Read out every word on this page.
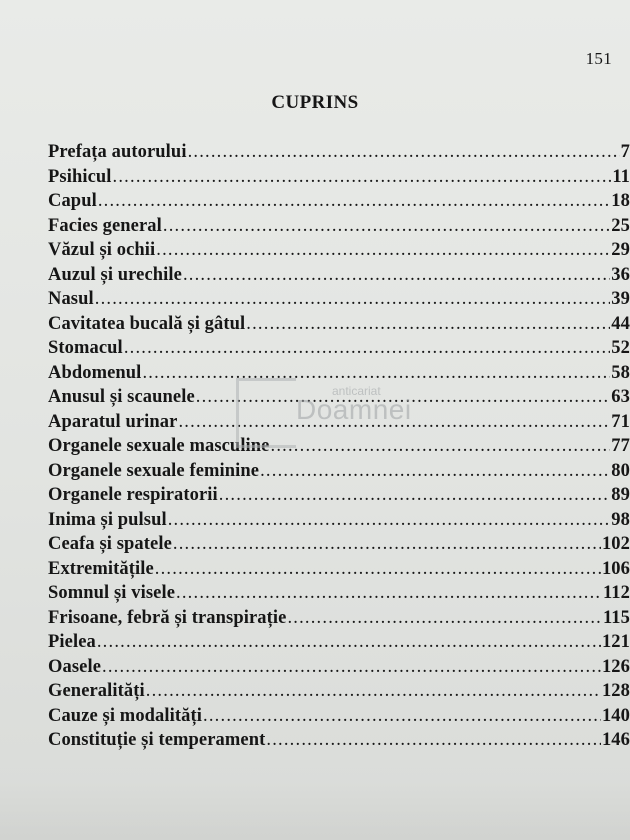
151
CUPRINS
Prefața autorului .....	7
Psihicul .....	11
Capul .....	18
Facies general .....	25
Văzul și ochii .....	29
Auzul și urechile .....	36
Nasul .....	39
Cavitatea bucală și gâtul .....	44
Stomacul .....	52
Abdomenul .....	58
Anusul și scaunele .....	63
Aparatul urinar .....	71
Organele sexuale masculine .....	77
Organele sexuale feminine .....	80
Organele respiratorii .....	89
Inima și pulsul .....	98
Ceafa și spatele .....	102
Extremitățile .....	106
Somnul și visele .....	112
Frisoane, febră și transpirație .....	115
Pielea .....	121
Oasele .....	126
Generalități .....	128
Cauze și modalități .....	140
Constituție și temperament .....	146
anticariat
Doamnei
